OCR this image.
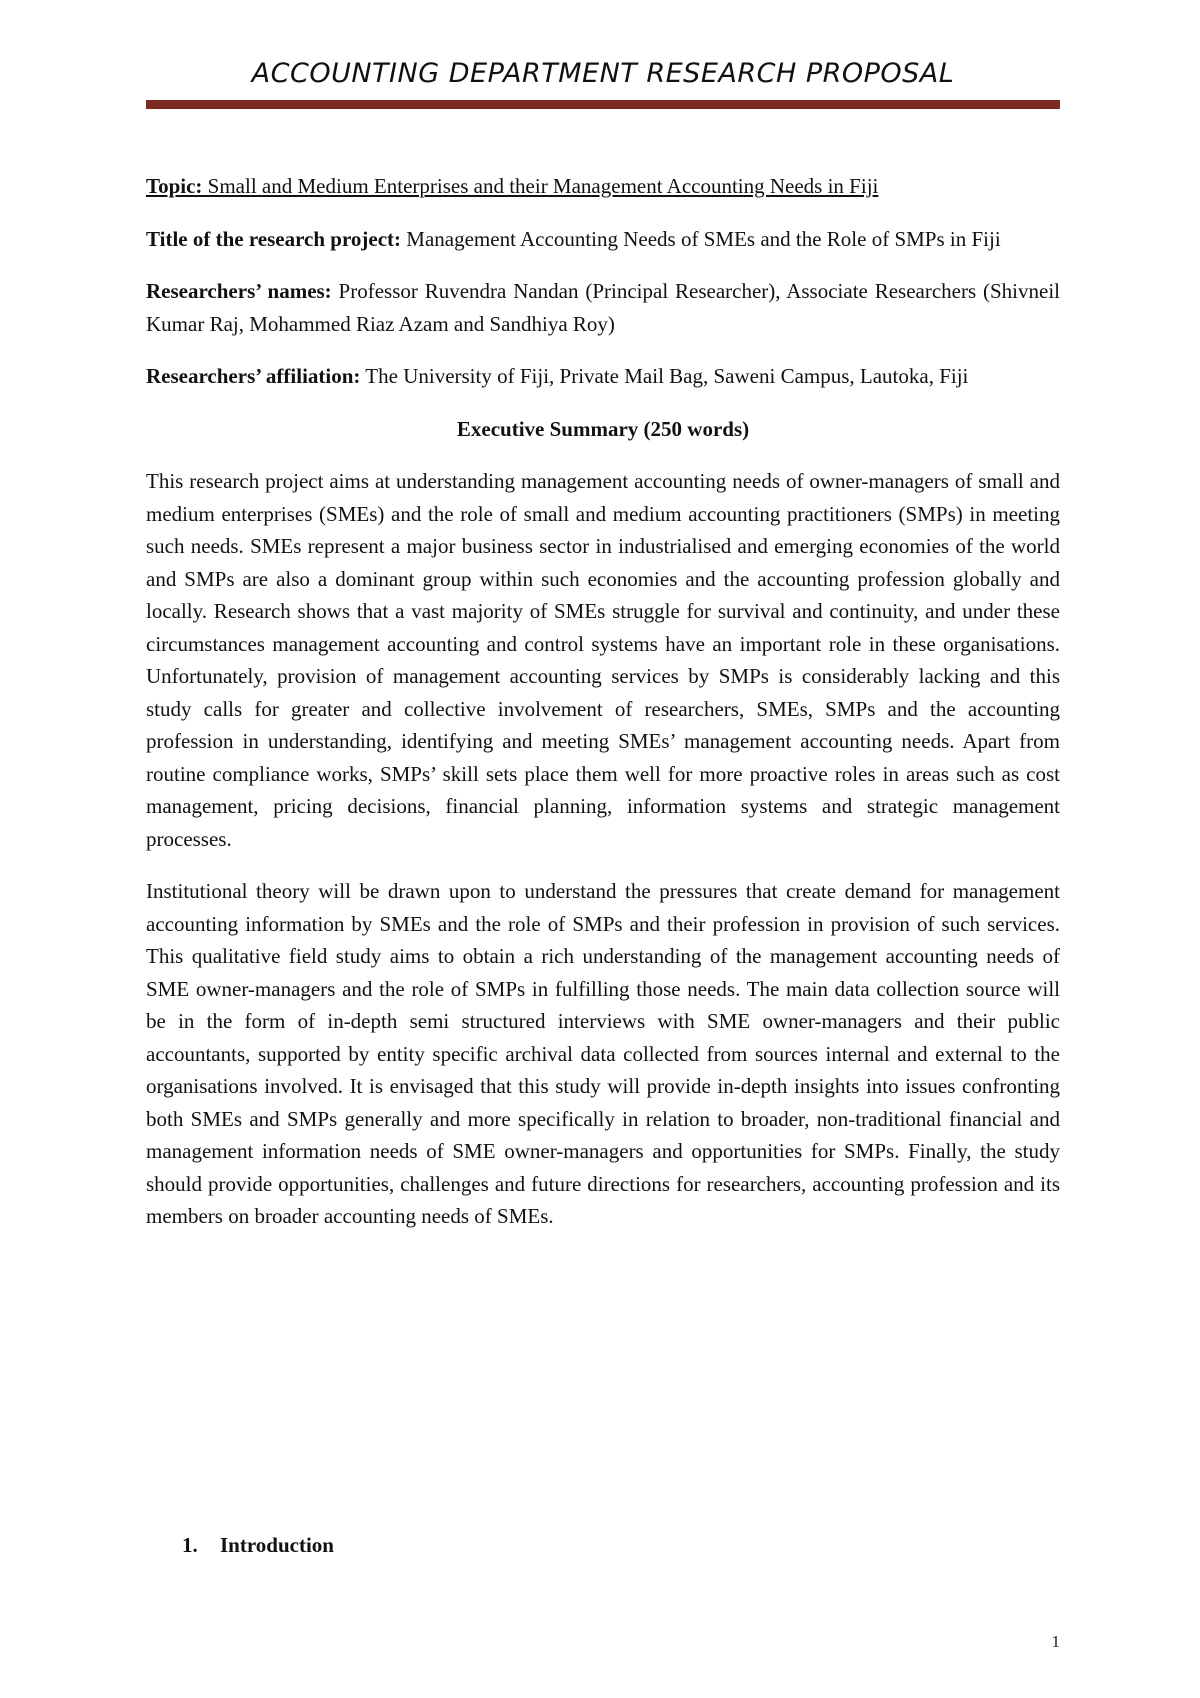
ACCOUNTING DEPARTMENT RESEARCH PROPOSAL

Topic: Small and Medium Enterprises and their Management Accounting Needs in Fiji

Title of the research project: Management Accounting Needs of SMEs and the Role of SMPs in Fiji

Researchers’ names: Professor Ruvendra Nandan (Principal Researcher), Associate Researchers (Shivneil Kumar Raj, Mohammed Riaz Azam and Sandhiya Roy)

Researchers’ affiliation: The University of Fiji, Private Mail Bag, Saweni Campus, Lautoka, Fiji

Executive Summary (250 words)

This research project aims at understanding management accounting needs of owner-managers of small and medium enterprises (SMEs) and the role of small and medium accounting practitioners (SMPs) in meeting such needs. SMEs represent a major business sector in industrialised and emerging economies of the world and SMPs are also a dominant group within such economies and the accounting profession globally and locally. Research shows that a vast majority of SMEs struggle for survival and continuity, and under these circumstances management accounting and control systems have an important role in these organisations. Unfortunately, provision of management accounting services by SMPs is considerably lacking and this study calls for greater and collective involvement of researchers, SMEs, SMPs and the accounting profession in understanding, identifying and meeting SMEs’ management accounting needs. Apart from routine compliance works, SMPs’ skill sets place them well for more proactive roles in areas such as cost management, pricing decisions, financial planning, information systems and strategic management processes.

Institutional theory will be drawn upon to understand the pressures that create demand for management accounting information by SMEs and the role of SMPs and their profession in provision of such services. This qualitative field study aims to obtain a rich understanding of the management accounting needs of SME owner-managers and the role of SMPs in fulfilling those needs. The main data collection source will be in the form of in-depth semi structured interviews with SME owner-managers and their public accountants, supported by entity specific archival data collected from sources internal and external to the organisations involved. It is envisaged that this study will provide in-depth insights into issues confronting both SMEs and SMPs generally and more specifically in relation to broader, non-traditional financial and management information needs of SME owner-managers and opportunities for SMPs. Finally, the study should provide opportunities, challenges and future directions for researchers, accounting profession and its members on broader accounting needs of SMEs.

1. Introduction
1
